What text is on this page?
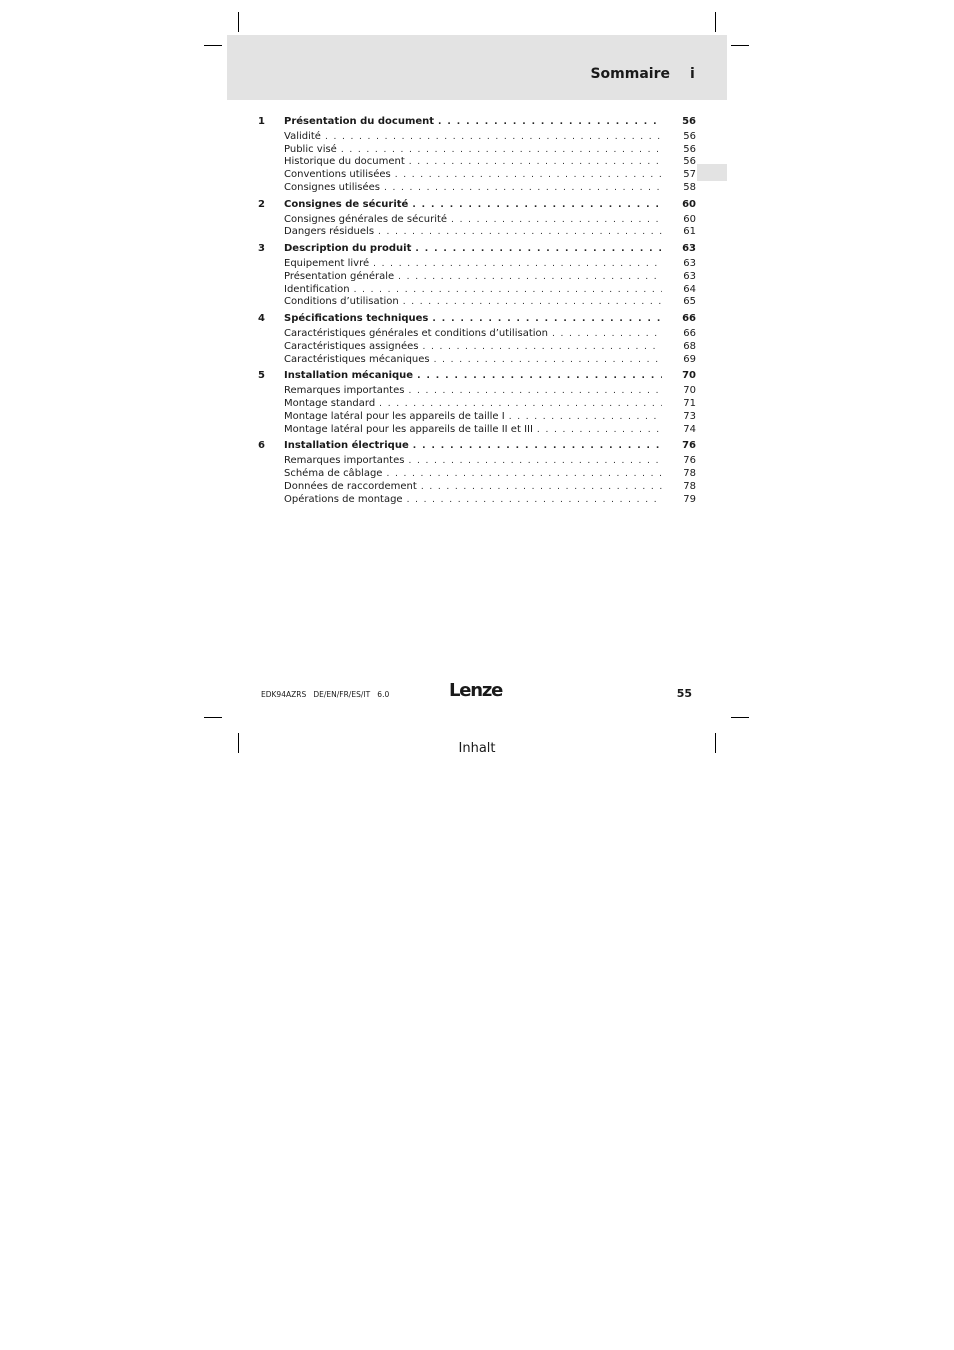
Sommaire i
1	Présentation du document . . .	56
Validité . . .	56
Public visé . . .	56
Historique du document . . .	56
Conventions utilisées . . .	57
Consignes utilisées . . .	58
2	Consignes de sécurité . . .	60
Consignes générales de sécurité . . .	60
Dangers résiduels . . .	61
3	Description du produit . . .	63
Equipement livré . . .	63
Présentation générale . . .	63
Identification . . .	64
Conditions d’utilisation . . .	65
4	Spécifications techniques . . .	66
Caractéristiques générales et conditions d’utilisation . . .	66
Caractéristiques assignées . . .	68
Caractéristiques mécaniques . . .	69
5	Installation mécanique . . .	70
Remarques importantes . . .	70
Montage standard . . .	71
Montage latéral pour les appareils de taille I . . .	73
Montage latéral pour les appareils de taille II et III . . .	74
6	Installation électrique . . .	76
Remarques importantes . . .	76
Schéma de câblage . . .	78
Données de raccordement . . .	78
Opérations de montage . . .	79
EDK94AZRS   DE/EN/FR/ES/IT   6.0	Lenze	55
Inhalt
